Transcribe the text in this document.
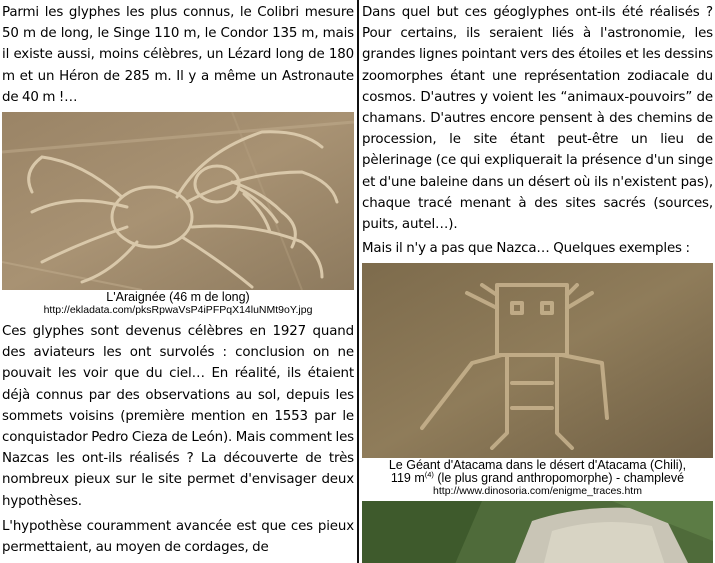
Parmi les glyphes les plus connus, le Colibri mesure 50 m de long, le Singe 110 m, le Condor 135 m, mais il existe aussi, moins célèbres, un Lézard long de 180 m et un Héron de 285 m. Il y a même un Astronaute de 40 m !…

L'Araignée (46 m de long)
http://ekladata.com/pksRpwaVsP4iPFPqX14luNMt9oY.jpg

Ces glyphes sont devenus célèbres en 1927 quand des aviateurs les ont survolés : conclusion on ne pouvait les voir que du ciel… En réalité, ils étaient déjà connus par des observations au sol, depuis les sommets voisins (première mention en 1553 par le conquistador Pedro Cieza de León). Mais comment les Nazcas les ont-ils réalisés ? La découverte de très nombreux pieux sur le site permet d'envisager deux hypothèses.

L'hypothèse couramment avancée est que ces pieux permettaient, au moyen de cordages, de

Dans quel but ces géoglyphes ont-ils été réalisés ? Pour certains, ils seraient liés à l'astronomie, les grandes lignes pointant vers des étoiles et les dessins zoomorphes étant une représentation zodiacale du cosmos. D'autres y voient les “animaux-pouvoirs” de chamans. D'autres encore pensent à des chemins de procession, le site étant peut-être un lieu de pèlerinage (ce qui expliquerait la présence d'un singe et d'une baleine dans un désert où ils n'existent pas), chaque tracé menant à des sites sacrés (sources, puits, autel…).

Mais il n'y a pas que Nazca… Quelques exemples :

Le Géant d'Atacama dans le désert d'Atacama (Chili),
119 $m^{(4)}$ (le plus grand anthropomorphe) - champlevé
http://www.dinosoria.com/enigme_traces.htm
